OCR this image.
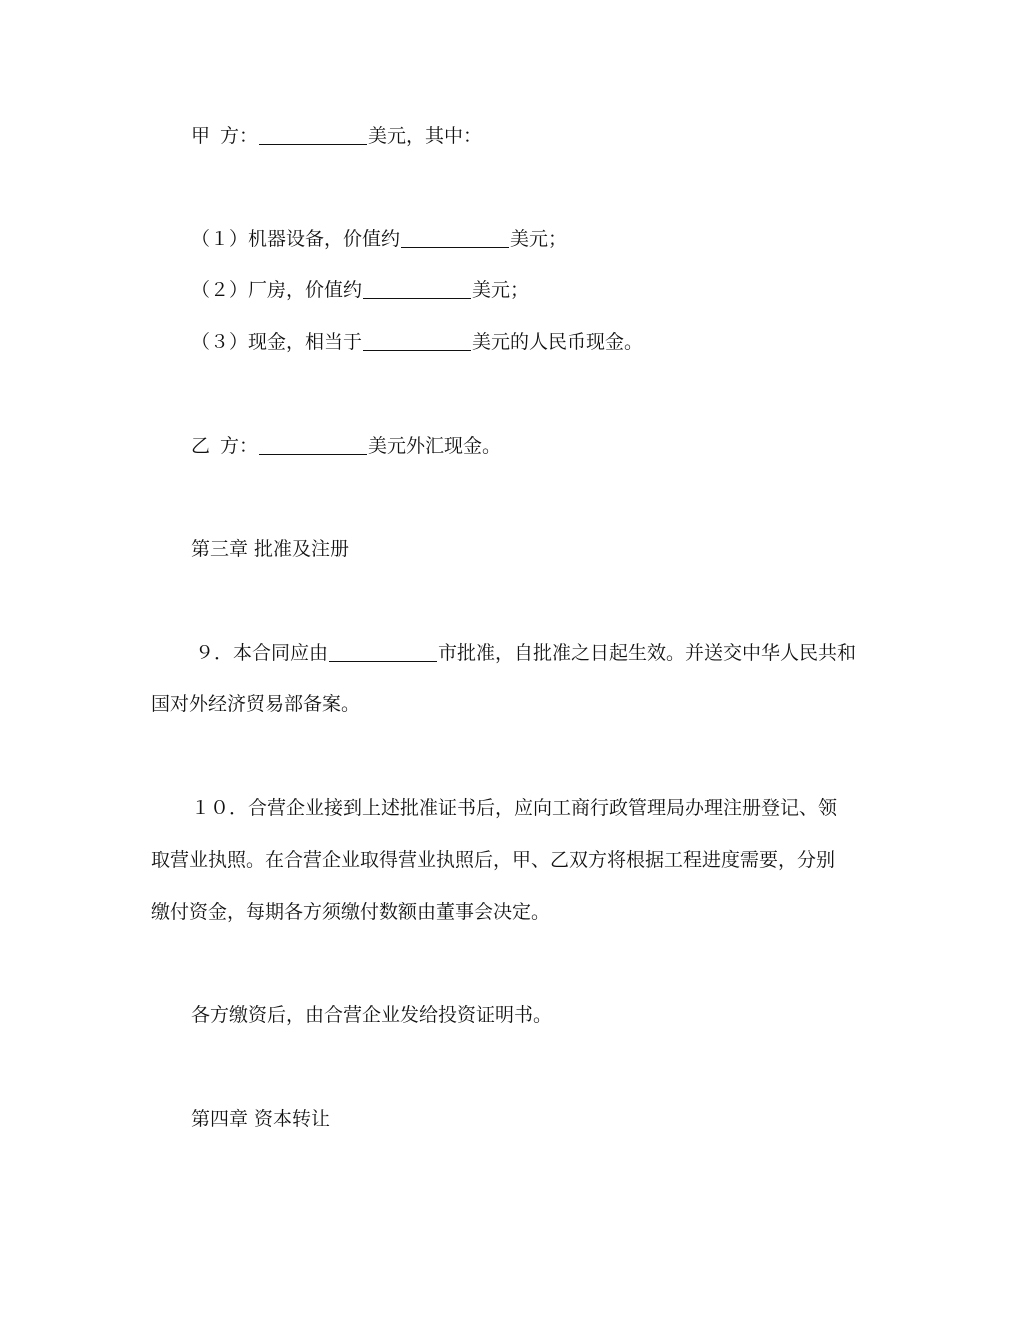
甲 方：	美元，其中：
（１）机器设备，价值约	美元；
（２）厂房，价值约	美元；
（３）现金，相当于	美元的人民币现金。
乙 方：	美元外汇现金。
第三章 批准及注册
９．本合同应由	市批准，自批准之日起生效。并送交中华人民共和
国对外经济贸易部备案。
１０．合营企业接到上述批准证书后，应向工商行政管理局办理注册登记、领
取营业执照。在合营企业取得营业执照后，甲、乙双方将根据工程进度需要，分别
缴付资金，每期各方须缴付数额由董事会决定。
各方缴资后，由合营企业发给投资证明书。
第四章 资本转让
